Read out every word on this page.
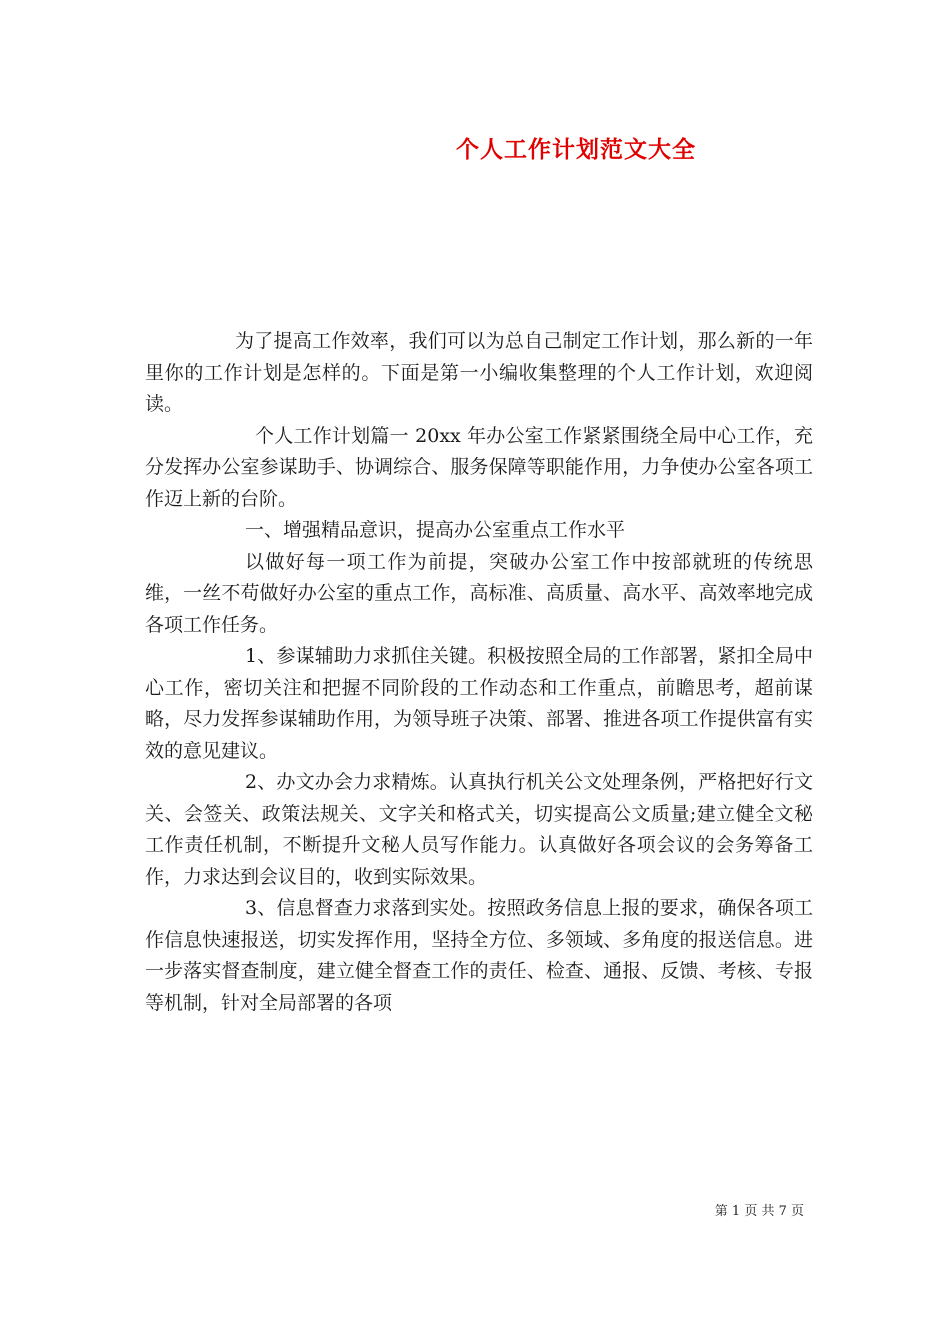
个人工作计划范文大全

为了提高工作效率，我们可以为总自己制定工作计划，那么新的一年里你的工作计划是怎样的。下面是第一小编收集整理的个人工作计划，欢迎阅读。

个人工作计划篇一 20xx 年办公室工作紧紧围绕全局中心工作，充分发挥办公室参谋助手、协调综合、服务保障等职能作用，力争使办公室各项工作迈上新的台阶。

一、增强精品意识，提高办公室重点工作水平

以做好每一项工作为前提，突破办公室工作中按部就班的传统思维，一丝不苟做好办公室的重点工作，高标准、高质量、高水平、高效率地完成各项工作任务。

1、参谋辅助力求抓住关键。积极按照全局的工作部署，紧扣全局中心工作，密切关注和把握不同阶段的工作动态和工作重点，前瞻思考，超前谋略，尽力发挥参谋辅助作用，为领导班子决策、部署、推进各项工作提供富有实效的意见建议。

2、办文办会力求精炼。认真执行机关公文处理条例，严格把好行文关、会签关、政策法规关、文字关和格式关，切实提高公文质量;建立健全文秘工作责任机制，不断提升文秘人员写作能力。认真做好各项会议的会务筹备工作，力求达到会议目的，收到实际效果。

3、信息督查力求落到实处。按照政务信息上报的要求，确保各项工作信息快速报送，切实发挥作用，坚持全方位、多领域、多角度的报送信息。进一步落实督查制度，建立健全督查工作的责任、检查、通报、反馈、考核、专报等机制，针对全局部署的各项

第 1 页 共 7 页
